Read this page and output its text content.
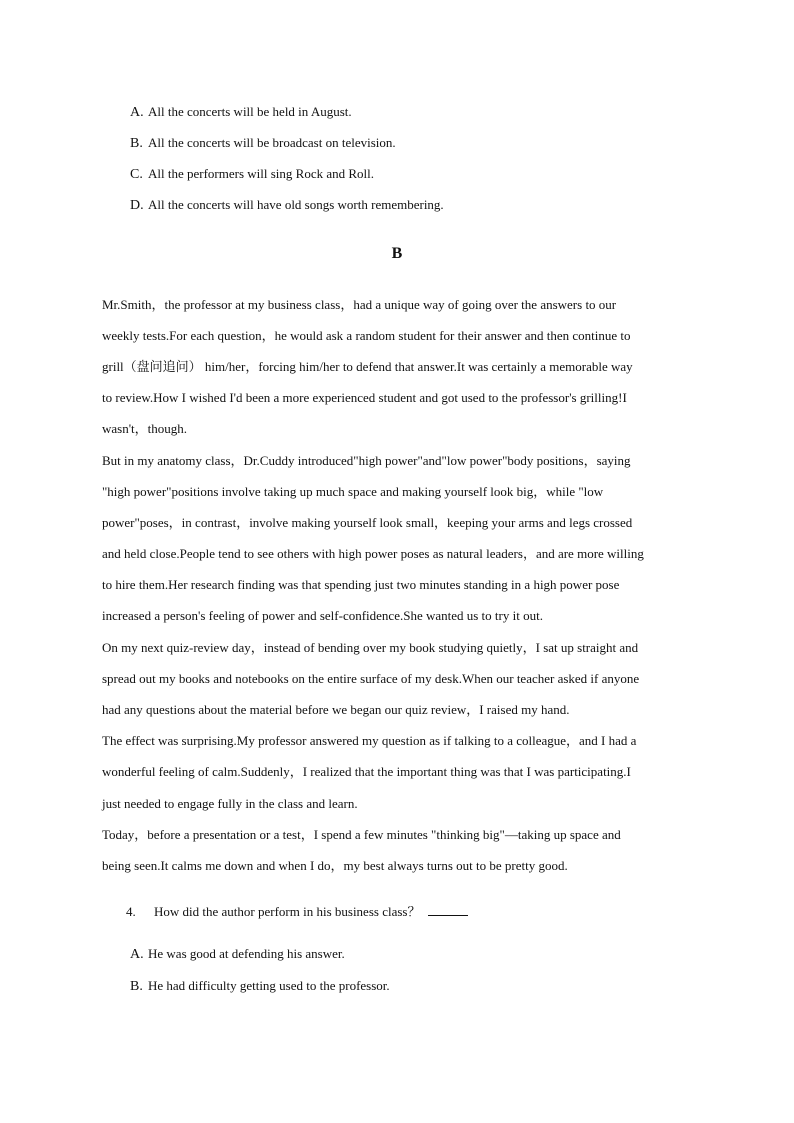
A. All the concerts will be held in August.
B. All the concerts will be broadcast on television.
C. All the performers will sing Rock and Roll.
D. All the concerts will have old songs worth remembering.
B
Mr.Smith，the professor at my business class，had a unique way of going over the answers to our
weekly tests.For each question，he would ask a random student for their answer and then continue to
grill（盘问追问） him/her，forcing him/her to defend that answer.It was certainly a memorable way
to review.How I wished I'd been a more experienced student and got used to the professor's grilling!I
wasn't，though.
But in my anatomy class，Dr.Cuddy introduced"high power"and"low power"body positions，saying
"high power"positions involve taking up much space and making yourself look big，while "low
power"poses，in contrast，involve making yourself look small，keeping your arms and legs crossed
and held close.People tend to see others with high power poses as natural leaders，and are more willing
to hire them.Her research finding was that spending just two minutes standing in a high power pose
increased a person's feeling of power and self-confidence.She wanted us to try it out.
On my next quiz-review day，instead of bending over my book studying quietly，I sat up straight and
spread out my books and notebooks on the entire surface of my desk.When our teacher asked if anyone
had any questions about the material before we began our quiz review，I raised my hand.
The effect was surprising.My professor answered my question as if talking to a colleague，and I had a
wonderful feeling of calm.Suddenly，I realized that the important thing was that I was participating.I
just needed to engage fully in the class and learn.
Today，before a presentation or a test，I spend a few minutes "thinking big"—taking up space and
being seen.It calms me down and when I do，my best always turns out to be pretty good.
4. How did the author perform in his business class？
A. He was good at defending his answer.
B. He had difficulty getting used to the professor.
